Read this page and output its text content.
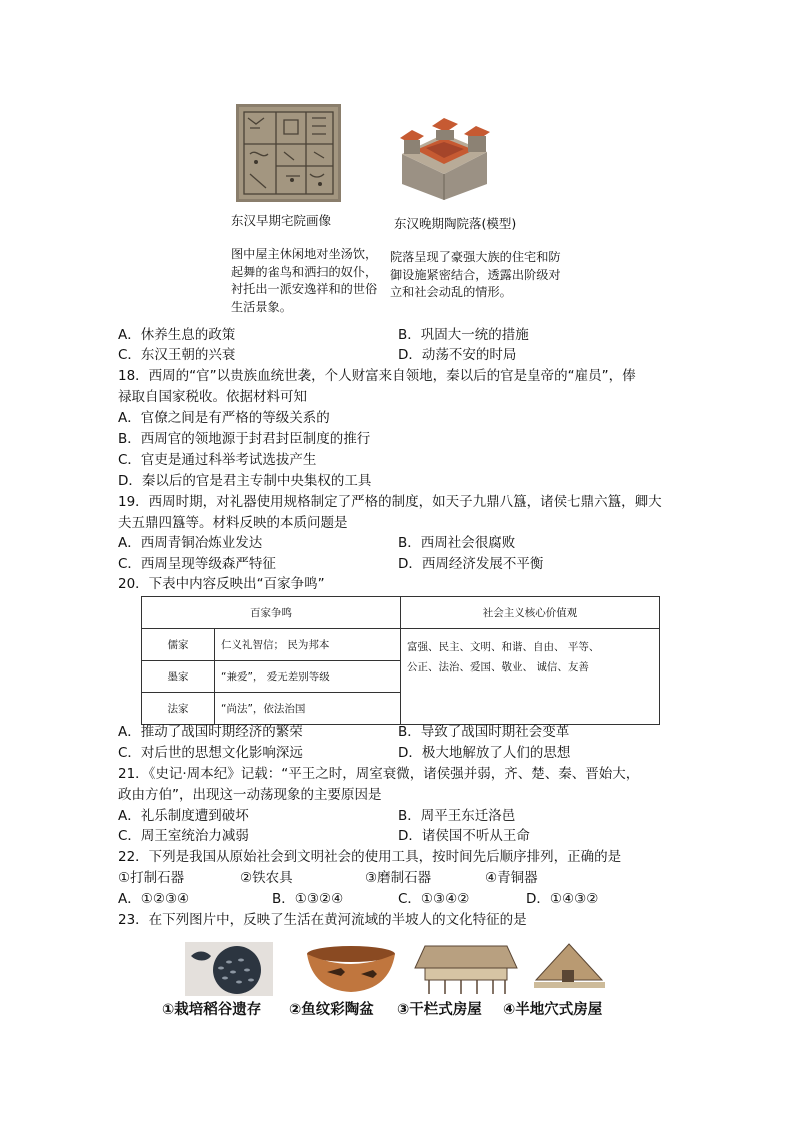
东汉早期宅院画像	东汉晚期陶院落(模型)
图中屋主休闲地对坐汤饮，起舞的雀鸟和洒扫的奴仆，衬托出一派安逸祥和的世俗生活景象。
院落呈现了豪强大族的住宅和防御设施紧密结合，透露出阶级对立和社会动乱的情形。
A．休养生息的政策	B．巩固大一统的措施
C．东汉王朝的兴衰	D．动荡不安的时局
18．西周的“官”以贵族血统世袭，个人财富来自领地，秦以后的官是皇帝的“雇员”，俸
禄取自国家税收。依据材料可知
A．官僚之间是有严格的等级关系的
B．西周官的领地源于封君封臣制度的推行
C．官吏是通过科举考试选拔产生
D．秦以后的官是君主专制中央集权的工具
19．西周时期，对礼器使用规格制定了严格的制度，如天子九鼎八簋，诸侯七鼎六簋，卿大
夫五鼎四簋等。材料反映的本质问题是
A．西周青铜冶炼业发达	B．西周社会很腐败
C．西周呈现等级森严特征	D．西周经济发展不平衡
20．下表中内容反映出“百家争鸣”
百家争鸣		社会主义核心价值观
儒家	仁义礼智信； 民为邦本	富强、民主、文明、和谐、自由、 平等、
公正、法治、爱国、敬业、 诚信、友善

墨家	“兼爱”， 爱无差别等级	
法家	“尚法”，依法治国	
A．推动了战国时期经济的繁荣	B．导致了战国时期社会变革
C．对后世的思想文化影响深远	D．极大地解放了人们的思想
21．《史记·周本纪》记载：“平王之时，周室衰微，诸侯强并弱，齐、楚、秦、晋始大，
政由方伯”，出现这一动荡现象的主要原因是
A．礼乐制度遭到破坏	B．周平王东迁洛邑
C．周王室统治力减弱	D．诸侯国不听从王命
22．下列是我国从原始社会到文明社会的使用工具，按时间先后顺序排列，正确的是
①打制石器	②铁农具	③磨制石器	④青铜器
A．①②③④	B．①③②④	C．①③④②	D．①④③②
23．在下列图片中，反映了生活在黄河流域的半坡人的文化特征的是
①栽培稻谷遗存 ②鱼纹彩陶盆 ③干栏式房屋 ④半地穴式房屋
